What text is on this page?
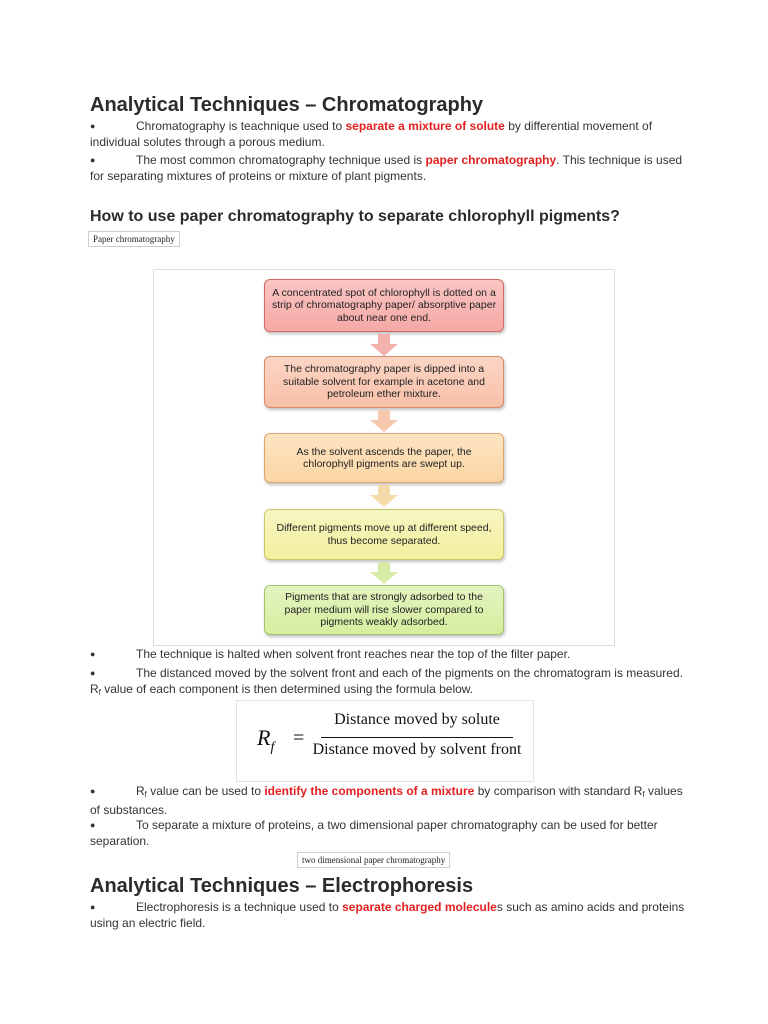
Analytical Techniques – Chromatography

●	Chromatography is teachnique used to separate a mixture of solute by differential movement of individual solutes through a porous medium.

●	The most common chromatography technique used is paper chromatography. This technique is used for separating mixtures of proteins or mixture of plant pigments.

How to use paper chromatography to separate chlorophyll pigments?
Paper chromatography
A concentrated spot of chlorophyll is dotted on a strip of chromatography paper/ absorptive paper about near one end.
The chromatography paper is dipped into a suitable solvent for example in acetone and petroleum ether mixture.
As the solvent ascends the paper, the chlorophyll pigments are swept up.
Different pigments move up at different speed, thus become separated.
Pigments that are strongly adsorbed to the paper medium will rise slower compared to pigments weakly adsorbed.

●	The technique is halted when solvent front reaches near the top of the filter paper.

●	The distanced moved by the solvent front and each of the pigments on the chromatogram is measured. $R_f$ value of each component is then determined using the formula below.

$R_f$ =
Distance moved by solute
Distance moved by solvent front

●	$R_f$ value can be used to identify the components of a mixture by comparison with standard $R_f$ values of substances.

●	To separate a mixture of proteins, a two dimensional paper chromatography can be used for better separation.

two dimensional paper chromatography
Analytical Techniques – Electrophoresis

●	Electrophoresis is a technique used to separate charged molecules such as amino acids and proteins using an electric field.
